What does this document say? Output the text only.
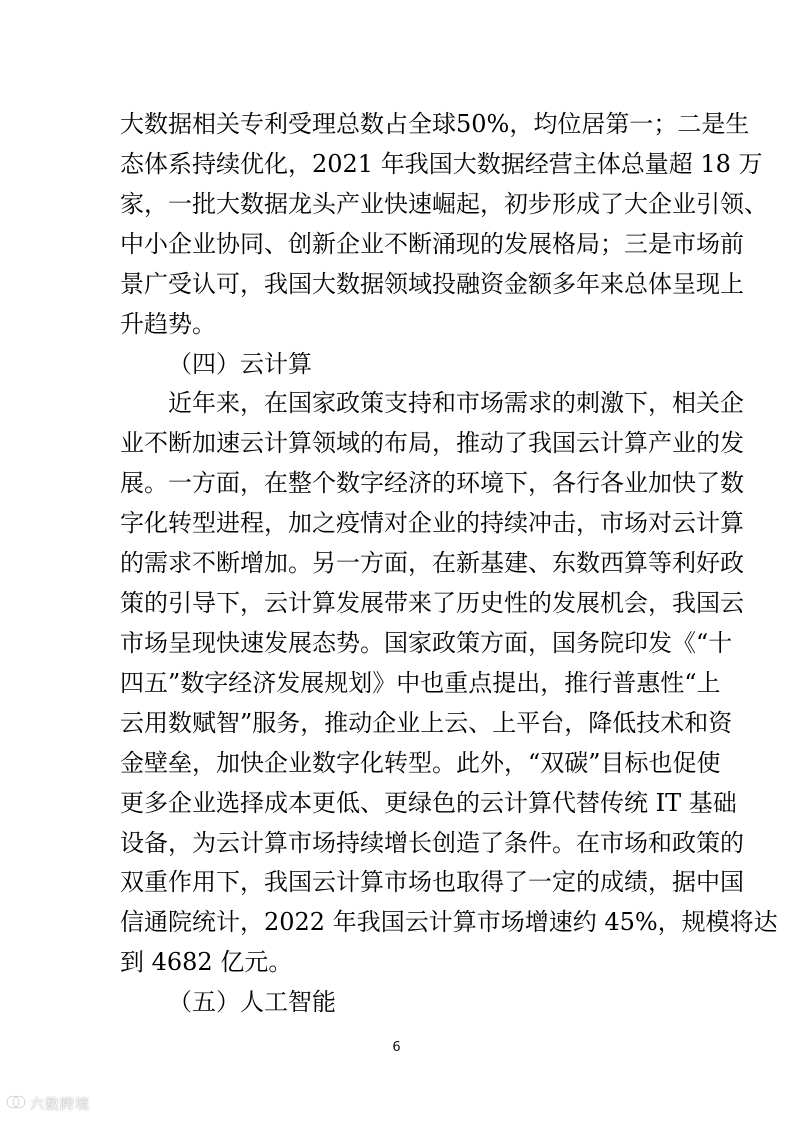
大数据相关专利受理总数占全球50%，均位居第一；二是生
态体系持续优化，2021 年我国大数据经营主体总量超 18 万
家，一批大数据龙头产业快速崛起，初步形成了大企业引领、
中小企业协同、创新企业不断涌现的发展格局；三是市场前
景广受认可，我国大数据领域投融资金额多年来总体呈现上
升趋势。
（四）云计算
近年来，在国家政策支持和市场需求的刺激下，相关企
业不断加速云计算领域的布局，推动了我国云计算产业的发
展。一方面，在整个数字经济的环境下，各行各业加快了数
字化转型进程，加之疫情对企业的持续冲击，市场对云计算
的需求不断增加。另一方面，在新基建、东数西算等利好政
策的引导下，云计算发展带来了历史性的发展机会，我国云
市场呈现快速发展态势。国家政策方面，国务院印发《“十
四五”数字经济发展规划》中也重点提出，推行普惠性“上
云用数赋智”服务，推动企业上云、上平台，降低技术和资
金壁垒，加快企业数字化转型。此外，“双碳”目标也促使
更多企业选择成本更低、更绿色的云计算代替传统 IT 基础
设备，为云计算市场持续增长创造了条件。在市场和政策的
双重作用下，我国云计算市场也取得了一定的成绩，据中国
信通院统计，2022 年我国云计算市场增速约 45%，规模将达
到 4682 亿元。
（五）人工智能
6
六数跨境
